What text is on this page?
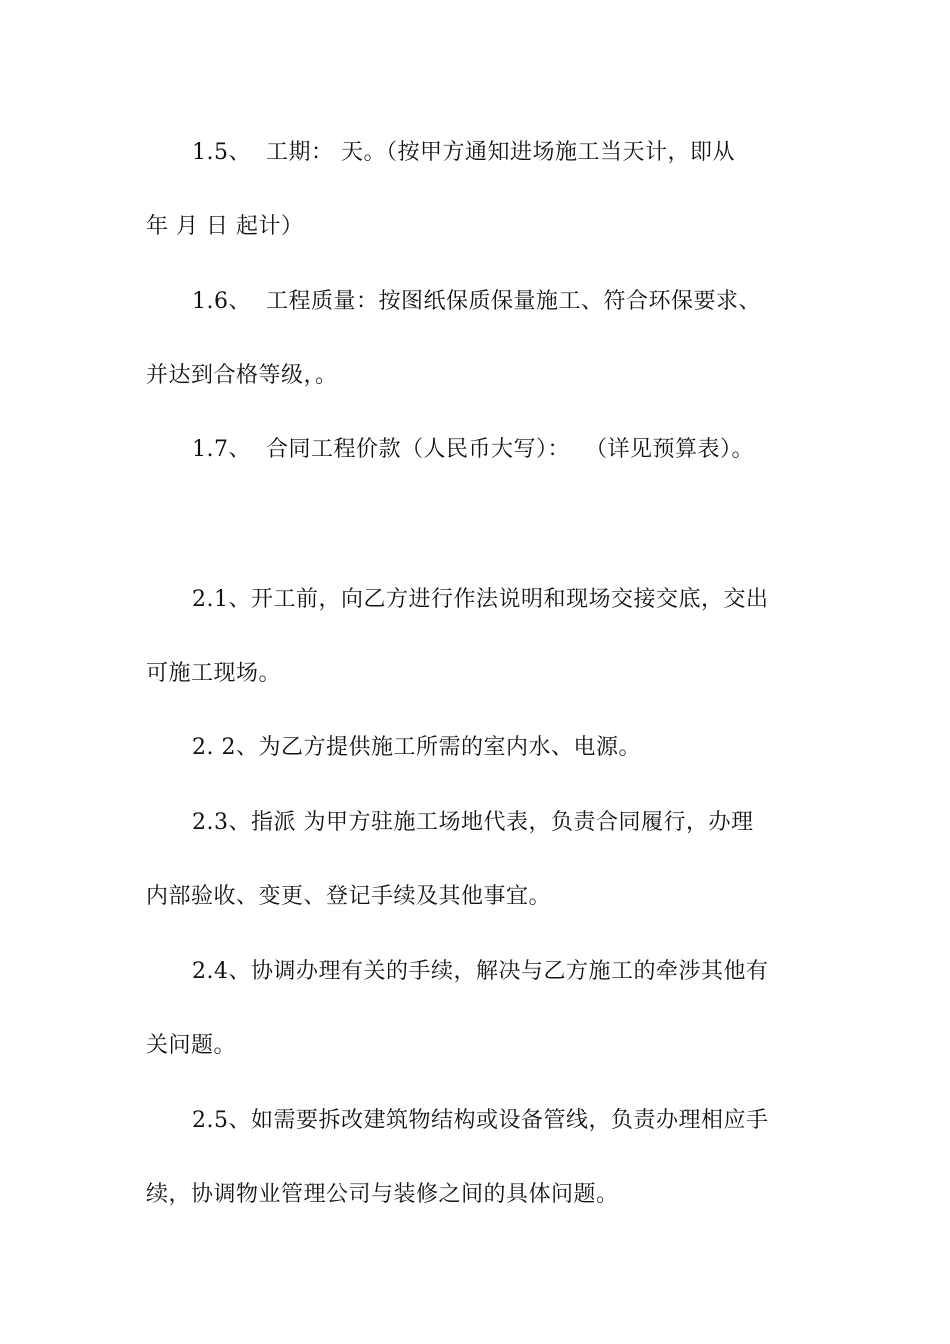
1.5、  工期： 天。（按甲方通知进场施工当天计，即从
年 月 日 起计）
1.6、  工程质量：按图纸保质保量施工、符合环保要求、
并达到合格等级，。
1.7、  合同工程价款（人民币大写）：  （详见预算表）。
2.1、开工前，向乙方进行作法说明和现场交接交底，交出
可施工现场。
2. 2、为乙方提供施工所需的室内水、电源。
2.3、指派 为甲方驻施工场地代表，负责合同履行，办理
内部验收、变更、登记手续及其他事宜。
2.4、协调办理有关的手续，解决与乙方施工的牵涉其他有
关问题。
2.5、如需要拆改建筑物结构或设备管线，负责办理相应手
续，协调物业管理公司与装修之间的具体问题。
